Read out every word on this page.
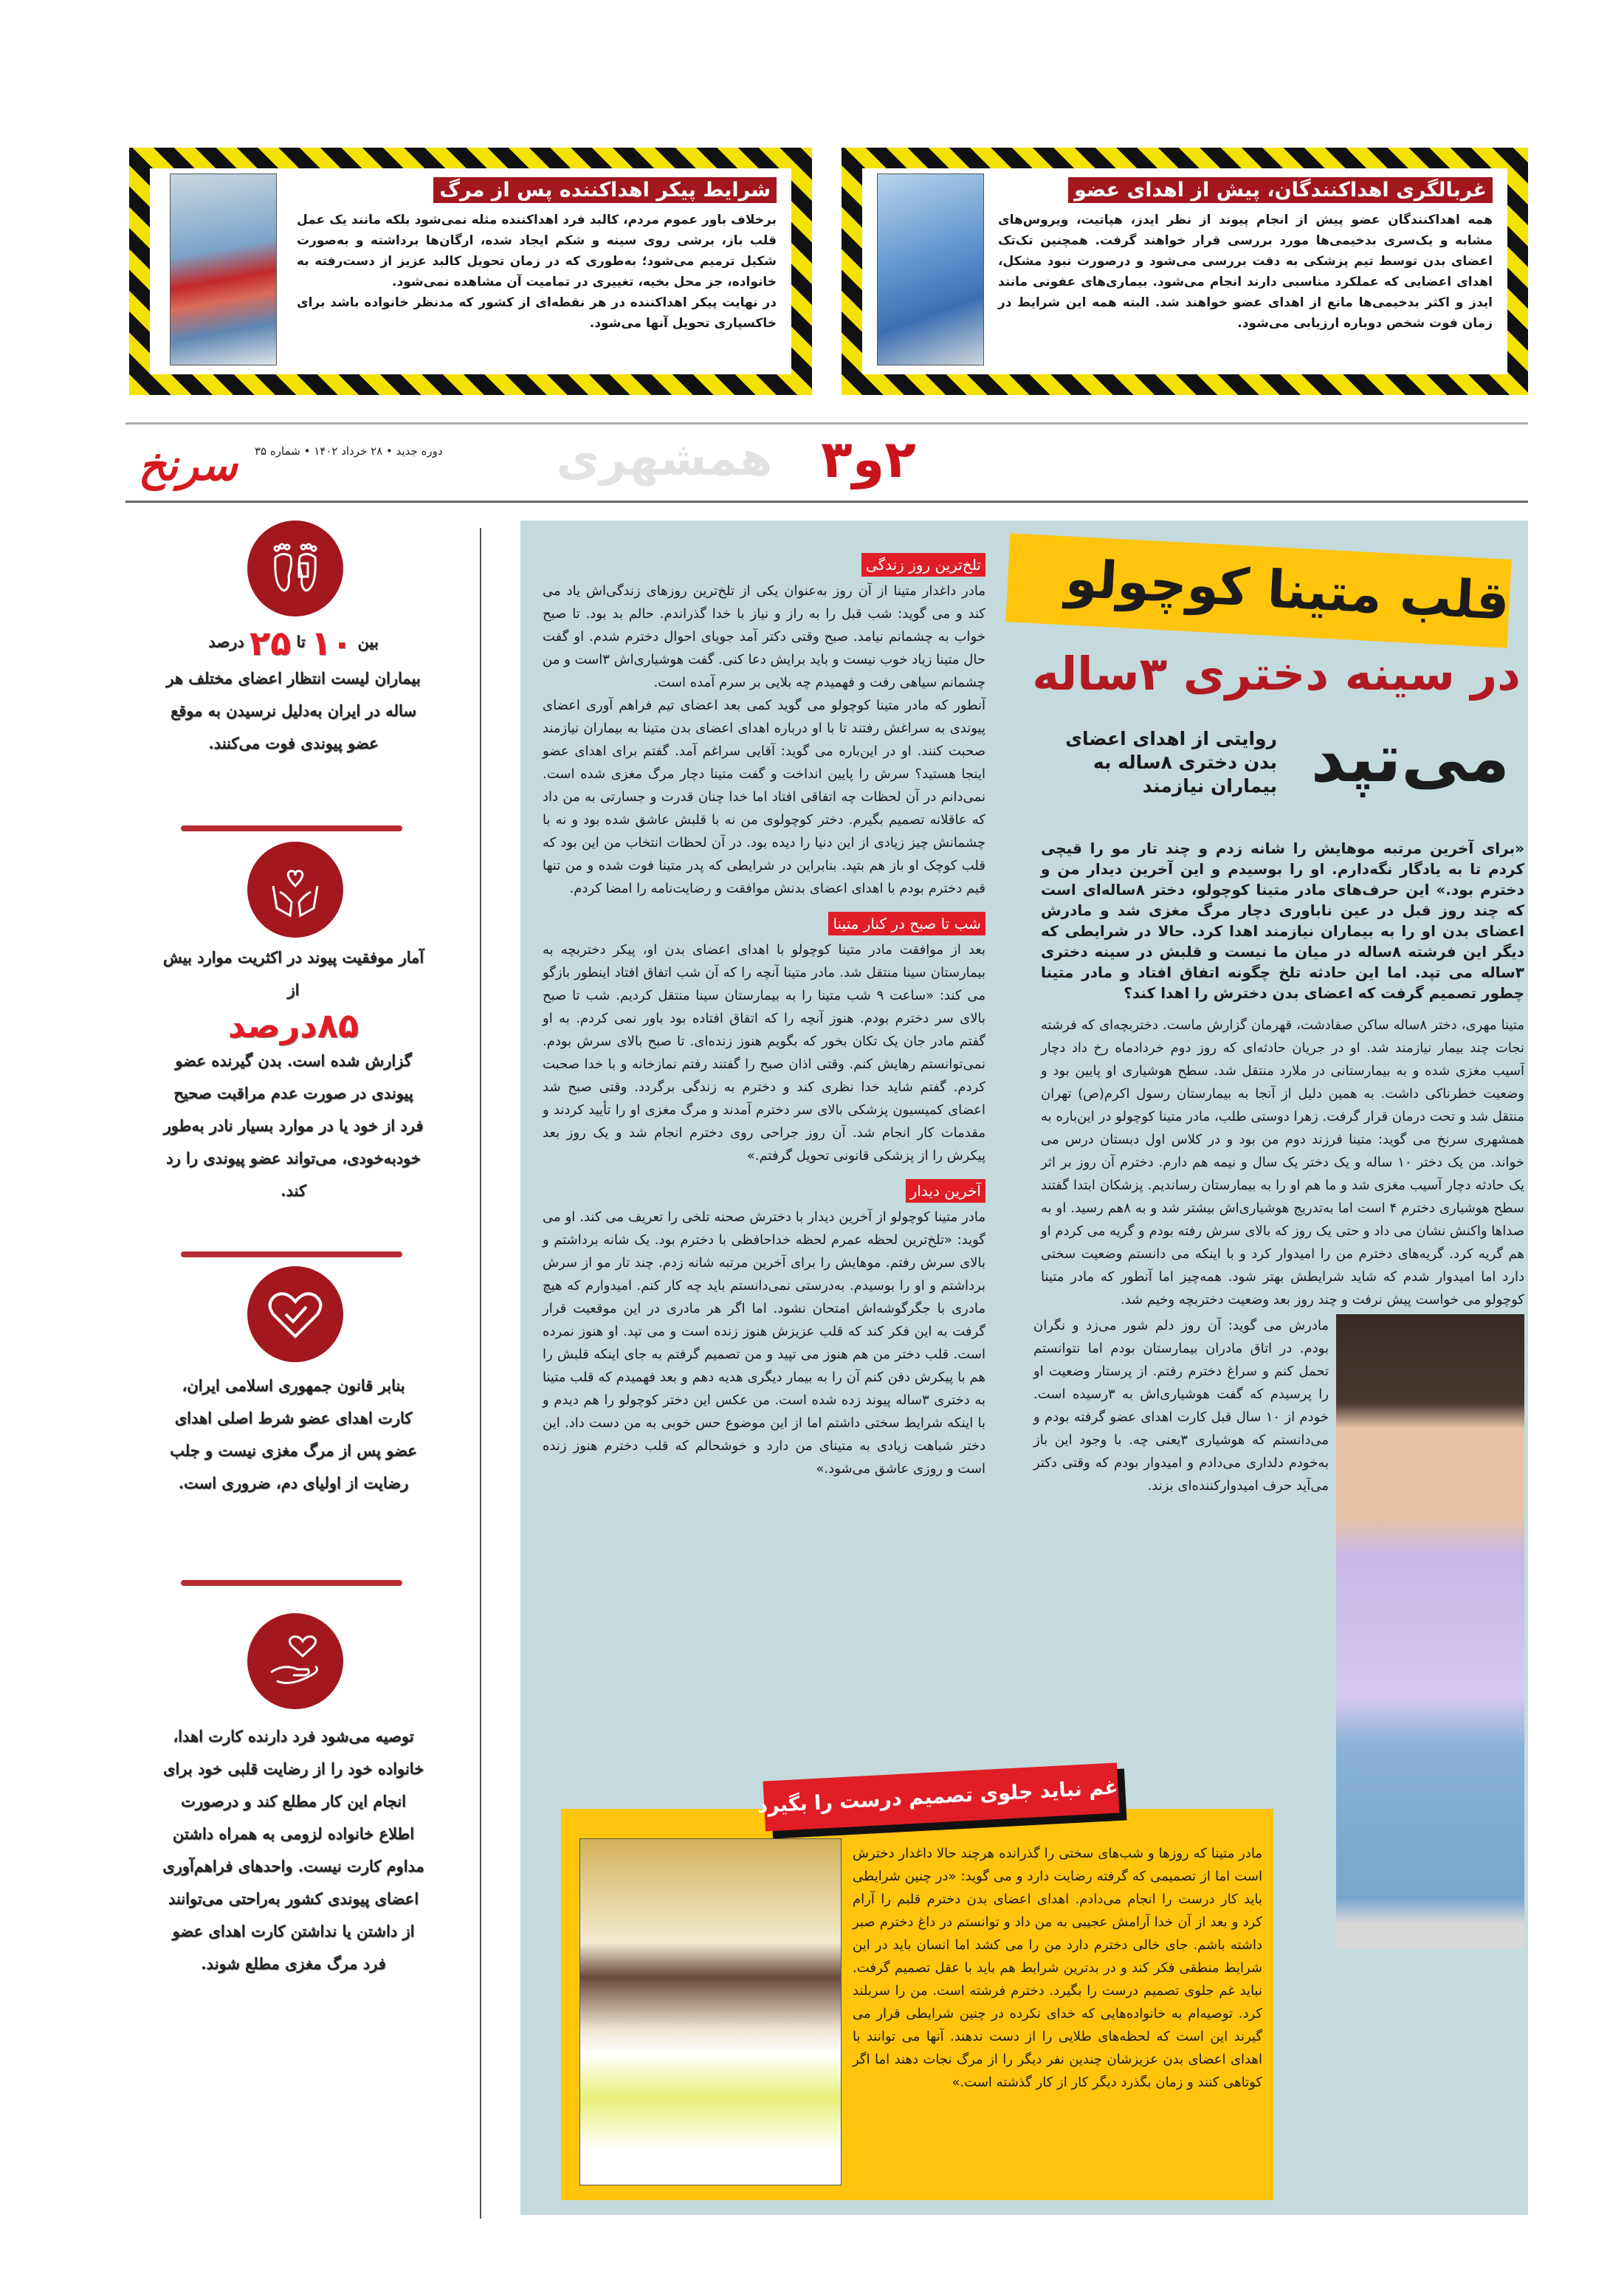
غربالگری اهداکنندگان، پیش از اهدای عضو
همه اهداکنندگان عضو پیش از انجام پیوند از نظر ایدز، هپاتیت، ویروس‌های مشابه و یک‌سری بدخیمی‌ها مورد بررسی قرار خواهند گرفت. همچنین تک‌تک اعضای بدن توسط تیم پزشکی به دقت بررسی می‌شود و درصورت نبود مشکل، اهدای اعضایی که عملکرد مناسبی دارند انجام می‌شود. بیماری‌های عفونی مانند ایدز و اکثر بدخیمی‌ها مانع از اهدای عضو خواهند شد. البته همه این شرایط در زمان فوت شخص دوباره ارزیابی می‌شود.
شرایط پیکر اهداکننده پس از مرگ
برخلاف باور عموم مردم، کالبد فرد اهداکننده مثله نمی‌شود بلکه مانند یک عمل قلب باز، برشی روی سینه و شکم ایجاد شده، ارگان‌ها برداشته و به‌صورت شکیل ترمیم می‌شود؛ به‌طوری که در زمان تحویل کالبد عزیز از دست‌رفته به خانواده، جز محل بخیه، تغییری در تمامیت آن مشاهده نمی‌شود.
در نهایت پیکر اهداکننده در هر نقطه‌ای از کشور که مدنظر خانواده باشد برای خاکسپاری تحویل آنها می‌شود.
سرنخ	دوره جدید • ۲۸ خرداد ۱۴۰۲ • شماره ۳۵	همشهری ۲و۳
بین ۱۰ تا ۲۵ درصد
بیماران لیست انتظار اعضای مختلف هر ساله در ایران به‌دلیل نرسیدن به موقع عضو پیوندی فوت می‌کنند.
آمار موفقیت پیوند در اکثریت موارد بیش از
۸۵درصد
گزارش شده است. بدن گیرنده عضو پیوندی در صورت عدم مراقبت صحیح فرد از خود یا در موارد بسیار نادر به‌طور خودبه‌خودی، می‌تواند عضو پیوندی را رد کند.
بنابر قانون جمهوری اسلامی ایران، کارت اهدای عضو شرط اصلی اهدای عضو پس از مرگ مغزی نیست و جلب رضایت از اولیای دم، ضروری است.
توصیه می‌شود فرد دارنده کارت اهدا، خانواده خود را از رضایت قلبی خود برای انجام این کار مطلع کند و درصورت اطلاع خانواده لزومی به همراه داشتن مداوم کارت نیست. واحدهای فراهم‌آوری اعضای پیوندی کشور به‌راحتی می‌توانند از داشتن یا نداشتن کارت اهدای عضو فرد مرگ مغزی مطلع شوند.
قلب متینا کوچولو
در سینه دختری ۳ساله
می‌تپد
روایتی از اهدای اعضای بدن دختری ۸ساله به بیماران نیازمند
«برای آخرین مرتبه موهایش را شانه زدم و چند تار مو را قیچی کردم تا به یادگار نگه‌دارم. او را بوسیدم و این آخرین دیدار من و دخترم بود.» این حرف‌های مادر متینا کوچولو، دختر ۸ساله‌ای است که چند روز قبل در عین ناباوری دچار مرگ مغزی شد و مادرش اعضای بدن او را به بیماران نیازمند اهدا کرد. حالا در شرایطی که دیگر این فرشته ۸ساله در میان ما نیست و قلبش در سینه دختری ۳ساله می تپد. اما این حادثه تلخ چگونه اتفاق افتاد و مادر متینا چطور تصمیم گرفت که اعضای بدن دخترش را اهدا کند؟
متینا مهری، دختر ۸ساله ساکن صفادشت، قهرمان گزارش ماست. دختربچه‌ای که فرشته نجات چند بیمار نیازمند شد. او در جریان حادثه‌ای که روز دوم خردادماه رخ داد دچار آسیب مغزی شده و به بیمارستانی در ملارد منتقل شد. سطح هوشیاری او پایین بود و وضعیت خطرناکی داشت. به همین دلیل از آنجا به بیمارستان رسول اکرم(ص) تهران منتقل شد و تحت درمان قرار گرفت. زهرا دوستی طلب، مادر متینا کوچولو در این‌باره به همشهری سرنخ می گوید: متینا فرزند دوم من بود و در کلاس اول دبستان درس می خواند. من یک دختر ۱۰ ساله و یک دختر یک سال و نیمه هم دارم. دخترم آن روز بر اثر یک حادثه دچار آسیب مغزی شد و ما هم او را به بیمارستان رساندیم. پزشکان ابتدا گفتند سطح هوشیاری دخترم ۴ است اما به‌تدریج هوشیاری‌اش بیشتر شد و به ۸هم رسید. او به صداها واکنش نشان می داد و حتی یک روز که بالای سرش رفته بودم و گریه می کردم او هم گریه کرد. گریه‌های دخترم من را امیدوار کرد و با اینکه می دانستم وضعیت سختی دارد اما امیدوار شدم که شاید شرایطش بهتر شود. همه‌چیز اما آنطور که مادر متینا کوچولو می خواست پیش نرفت و چند روز بعد وضعیت دختربچه وخیم شد.
مادرش می گوید: آن روز دلم شور می‌زد و نگران بودم. در اتاق مادران بیمارستان بودم اما نتوانستم تحمل کنم و سراغ دخترم رفتم. از پرستار وضعیت او را پرسیدم که گفت هوشیاری‌اش به ۳رسیده است. خودم از ۱۰ سال قبل کارت اهدای عضو گرفته بودم و می‌دانستم که هوشیاری ۳یعنی چه. با وجود این باز به‌خودم دلداری می‌دادم و امیدوار بودم که وقتی دکتر می‌آید حرف امیدوارکننده‌ای بزند.
تلخ‌ترین روز زندگی
مادر داغدار متینا از آن روز به‌عنوان یکی از تلخ‌ترین روزهای زندگی‌اش یاد می کند و می گوید: شب قبل را به راز و نیاز با خدا گذراندم. حالم بد بود. تا صبح خواب به چشمانم نیامد. صبح وقتی دکتر آمد جویای احوال دخترم شدم. او گفت حال متینا زیاد خوب نیست و باید برایش دعا کنی. گفت هوشیاری‌اش ۳است و من چشمانم سیاهی رفت و فهمیدم چه بلایی بر سرم آمده است.
آنطور که مادر متینا کوچولو می گوید کمی بعد اعضای تیم فراهم آوری اعضای پیوندی به سراغش رفتند تا با او درباره اهدای اعضای بدن متینا به بیماران نیازمند صحبت کنند. او در این‌باره می گوید: آقایی سراغم آمد. گفتم برای اهدای عضو اینجا هستید؟ سرش را پایین انداخت و گفت متینا دچار مرگ مغزی شده است. نمی‌دانم در آن لحظات چه اتفاقی افتاد اما خدا چنان قدرت و جسارتی به من داد که عاقلانه تصمیم بگیرم. دختر کوچولوی من نه با قلبش عاشق شده بود و نه با چشمانش چیز زیادی از این دنیا را دیده بود. در آن لحظات انتخاب من این بود که قلب کوچک او باز هم بتپد. بنابراین در شرایطی که پدر متینا فوت شده و من تنها قیم دخترم بودم با اهدای اعضای بدنش موافقت و رضایت‌نامه را امضا کردم.
شب تا صبح در کنار متینا
بعد از موافقت مادر متینا کوچولو با اهدای اعضای بدن او، پیکر دختربچه به بیمارستان سینا منتقل شد. مادر متینا آنچه را که آن شب اتفاق افتاد اینطور بازگو می کند: «ساعت ۹ شب متینا را به بیمارستان سینا منتقل کردیم. شب تا صبح بالای سر دخترم بودم. هنوز آنچه را که اتفاق افتاده بود باور نمی کردم. به او گفتم مادر جان یک تکان بخور که بگویم هنوز زنده‌ای. تا صبح بالای سرش بودم. نمی‌توانستم رهایش کنم. وقتی اذان صبح را گفتند رفتم نمازخانه و با خدا صحبت کردم. گفتم شاید خدا نظری کند و دخترم به زندگی برگردد. وقتی صبح شد اعضای کمیسیون پزشکی بالای سر دخترم آمدند و مرگ مغزی او را تأیید کردند و مقدمات کار انجام شد. آن روز جراحی روی دخترم انجام شد و یک روز بعد پیکرش را از پزشکی قانونی تحویل گرفتم.»
آخرین دیدار
مادر متینا کوچولو از آخرین دیدار با دخترش صحنه تلخی را تعریف می کند. او می گوید: «تلخ‌ترین لحظه عمرم لحظه خداحافظی با دخترم بود. یک شانه برداشتم و بالای سرش رفتم. موهایش را برای آخرین مرتبه شانه زدم. چند تار مو از سرش برداشتم و او را بوسیدم. به‌درستی نمی‌دانستم باید چه کار کنم. امیدوارم که هیچ مادری با جگرگوشه‌اش امتحان نشود. اما اگر هر مادری در این موقعیت قرار گرفت به این فکر کند که قلب عزیزش هنوز زنده است و می تپد. او هنوز نمرده است. قلب دختر من هم هنوز می تپید و من تصمیم گرفتم به جای اینکه قلبش را هم با پیکرش دفن کنم آن را به بیمار دیگری هدیه دهم و بعد فهمیدم که قلب متینا به دختری ۳ساله پیوند زده شده است. من عکس این دختر کوچولو را هم دیدم و با اینکه شرایط سختی داشتم اما از این موضوع حس خوبی به من دست داد. این دختر شباهت زیادی به متینای من دارد و خوشحالم که قلب دخترم هنوز زنده است و روزی عاشق می‌شود.»
غم نباید جلوی تصمیم درست را بگیرد
مادر متینا که روزها و شب‌های سختی را گذرانده هرچند حالا داغدار دخترش است اما از تصمیمی که گرفته رضایت دارد و می گوید: «در چنین شرایطی باید کار درست را انجام می‌دادم. اهدای اعضای بدن دخترم قلبم را آرام کرد و بعد از آن خدا آرامش عجیبی به من داد و توانستم در داغ دخترم صبر داشته باشم. جای خالی دخترم دارد من را می کشد اما انسان باید در این شرایط منطقی فکر کند و در بدترین شرایط هم باید با عقل تصمیم گرفت. نباید غم جلوی تصمیم درست را بگیرد. دخترم فرشته است. من را سربلند کرد. توصیه‌ام به خانواده‌هایی که خدای نکرده در چنین شرایطی قرار می گیرند این است که لحظه‌های طلایی را از دست ندهند. آنها می توانند با اهدای اعضای بدن عزیزشان چندین نفر دیگر را از مرگ نجات دهند اما اگر کوتاهی کنند و زمان بگذرد دیگر کار از کار گذشته است.»
